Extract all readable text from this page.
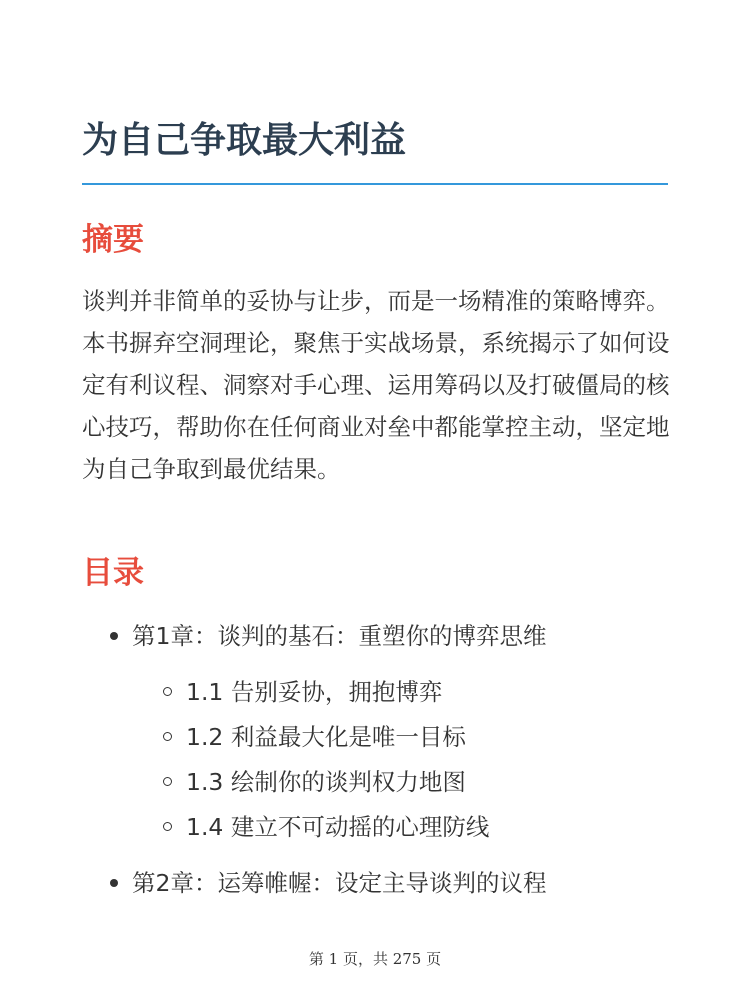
为自己争取最大利益
摘要

谈判并非简单的妥协与让步，而是一场精准的策略博弈。本书摒弃空洞理论，聚焦于实战场景，系统揭示了如何设定有利议程、洞察对手心理、运用筹码以及打破僵局的核心技巧，帮助你在任何商业对垒中都能掌控主动，坚定地为自己争取到最优结果。

目录
第1章：谈判的基石：重塑你的博弈思维
1.1 告别妥协，拥抱博弈
1.2 利益最大化是唯一目标
1.3 绘制你的谈判权力地图
1.4 建立不可动摇的心理防线
第2章：运筹帷幄：设定主导谈判的议程
第 1 页，共 275 页
